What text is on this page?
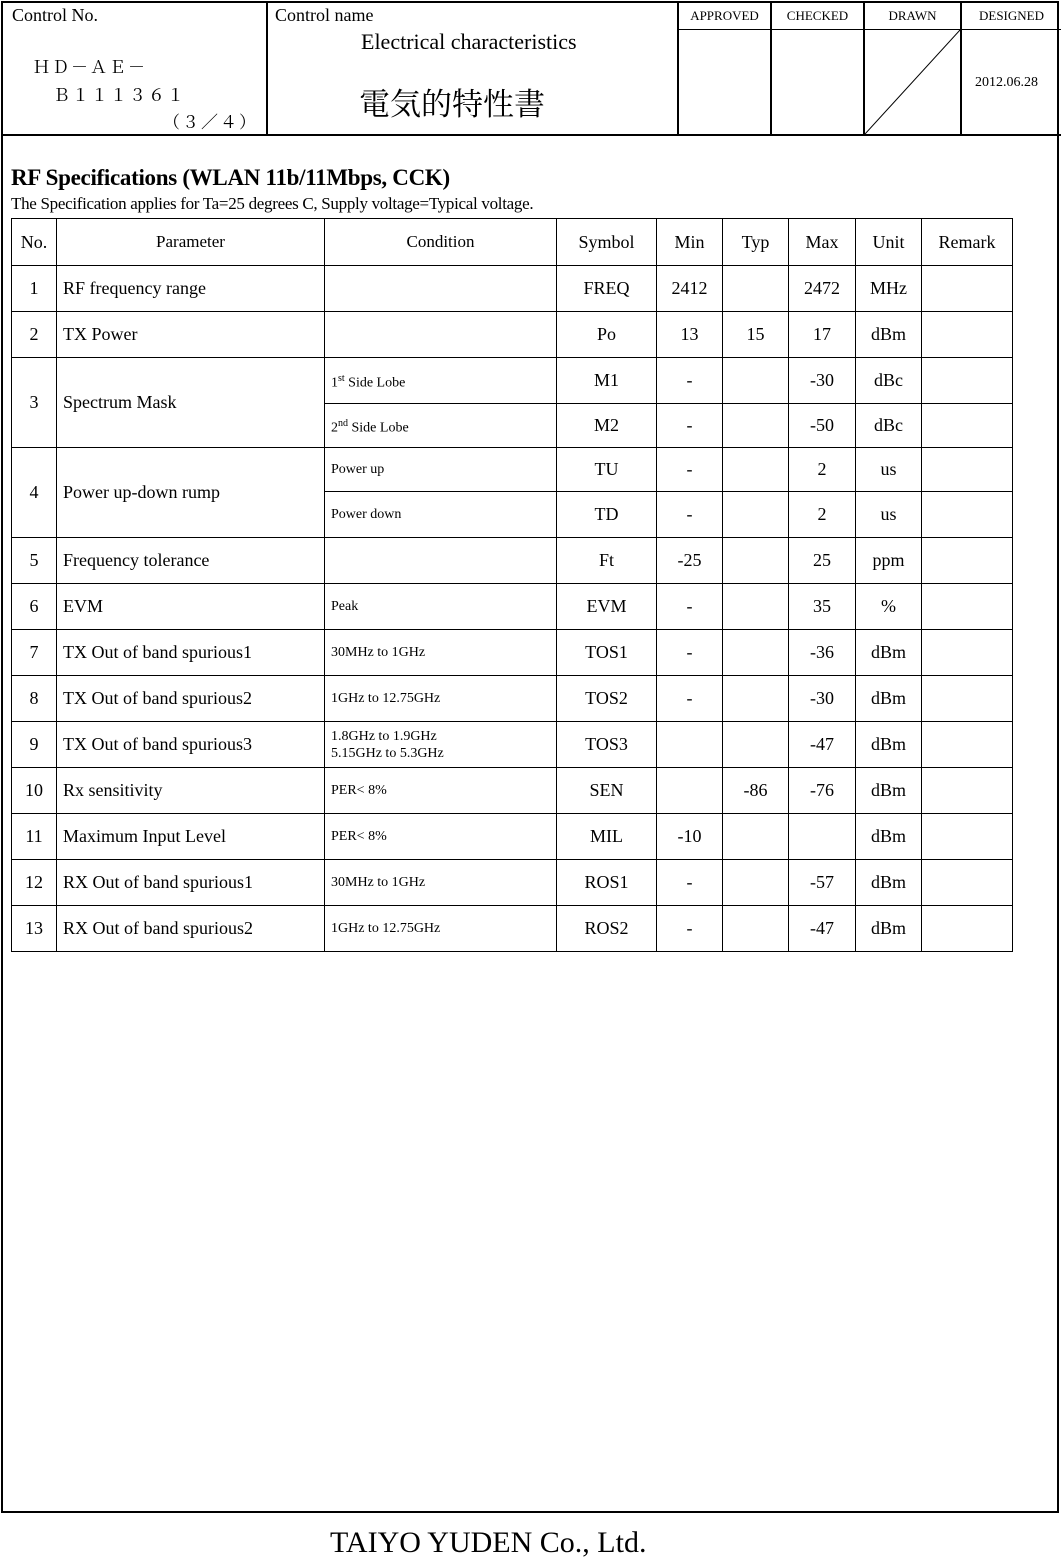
Control No.
ＨＤ－ＡＥ－
Ｂ１１１３６１
（３／４）
Control name
Electrical characteristics
電気的特性書
APPROVED	CHECKED	DRAWN	DESIGNED
2012.06.28
RF Specifications (WLAN 11b/11Mbps, CCK)
The Specification applies for Ta=25 degrees C, Supply voltage=Typical voltage.
No.	Parameter	Condition	Symbol	Min	Typ	Max	Unit	Remark
1	RF frequency range		FREQ	2412		2472	MHz	
2	TX Power		Po	13	15	17	dBm	
3	Spectrum Mask	1st Side Lobe	M1	-		-30	dBc	
		2nd Side Lobe	M2	-		-50	dBc	
4	Power up-down rump	Power up	TU	-		2	us	
		Power down	TD	-		2	us	
5	Frequency tolerance		Ft	-25		25	ppm	
6	EVM	Peak	EVM	-		35	%	
7	TX Out of band spurious1	30MHz to 1GHz	TOS1	-		-36	dBm	
8	TX Out of band spurious2	1GHz to 12.75GHz	TOS2	-		-30	dBm	
9	TX Out of band spurious3	1.8GHz to 1.9GHz
5.15GHz to 5.3GHz	TOS3			-47	dBm	
10	Rx sensitivity	PER< 8%	SEN		-86	-76	dBm	
11	Maximum Input Level	PER< 8%	MIL	-10			dBm	
12	RX Out of band spurious1	30MHz to 1GHz	ROS1	-		-57	dBm	
13	RX Out of band spurious2	1GHz to 12.75GHz	ROS2	-		-47	dBm	
TAIYO YUDEN Co., Ltd.
